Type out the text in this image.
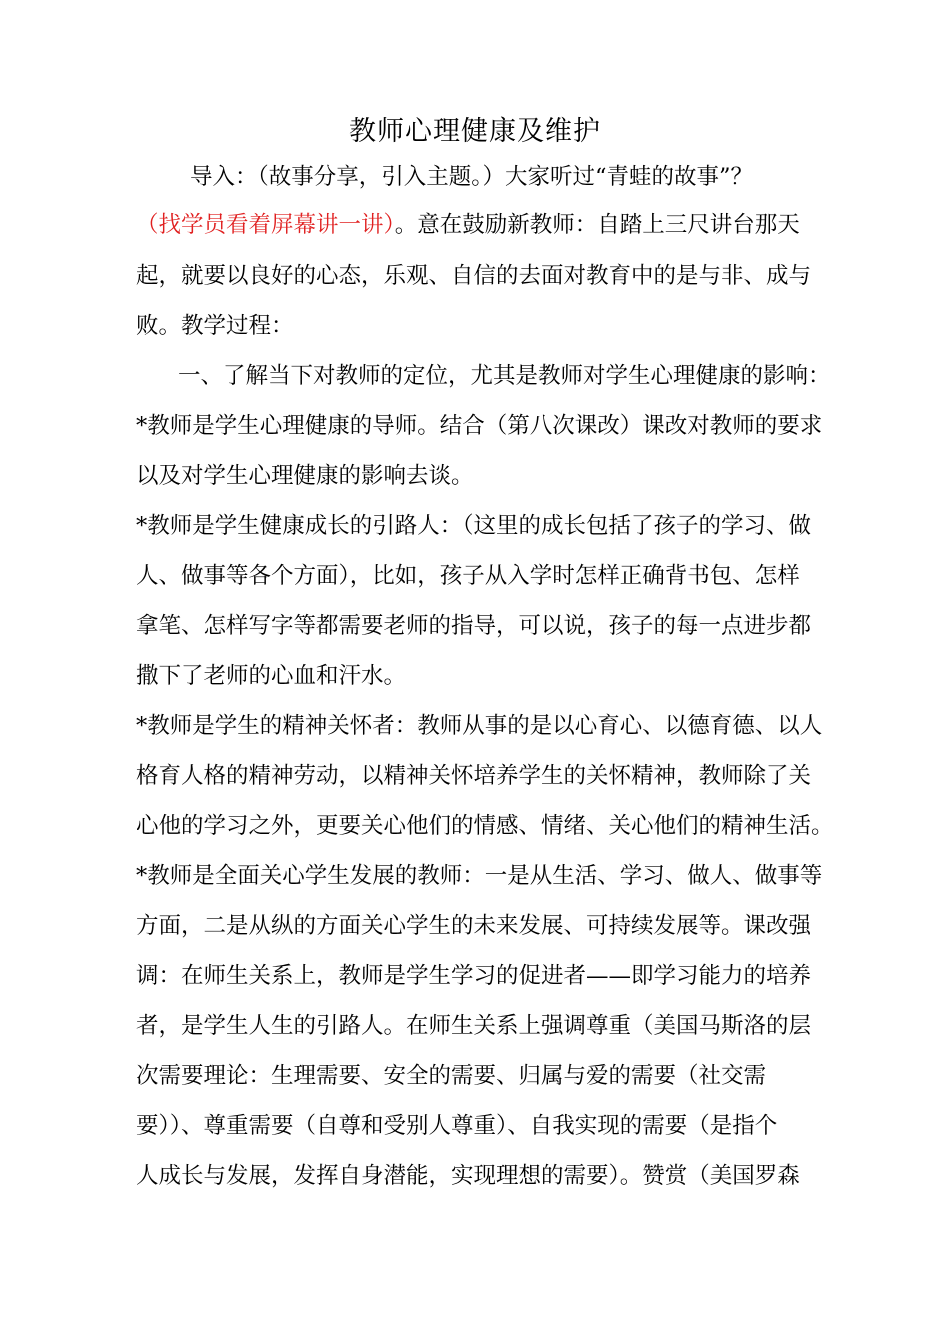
教师心理健康及维护
导入：（故事分享，引入主题。）大家听过“青蛙的故事”？
（找学员看着屏幕讲一讲）。意在鼓励新教师：自踏上三尺讲台那天
起，就要以良好的心态，乐观、自信的去面对教育中的是与非、成与
败。教学过程：
一、了解当下对教师的定位，尤其是教师对学生心理健康的影响：
*教师是学生心理健康的导师。结合（第八次课改）课改对教师的要求
以及对学生心理健康的影响去谈。
*教师是学生健康成长的引路人：（这里的成长包括了孩子的学习、做
人、做事等各个方面），比如，孩子从入学时怎样正确背书包、怎样
拿笔、怎样写字等都需要老师的指导，可以说，孩子的每一点进步都
撒下了老师的心血和汗水。
*教师是学生的精神关怀者：教师从事的是以心育心、以德育德、以人
格育人格的精神劳动，以精神关怀培养学生的关怀精神，教师除了关
心他的学习之外，更要关心他们的情感、情绪、关心他们的精神生活。
*教师是全面关心学生发展的教师：一是从生活、学习、做人、做事等
方面，二是从纵的方面关心学生的未来发展、可持续发展等。课改强
调：在师生关系上，教师是学生学习的促进者——即学习能力的培养
者，是学生人生的引路人。在师生关系上强调尊重（美国马斯洛的层
次需要理论：生理需要、安全的需要、归属与爱的需要（社交需
要））、尊重需要（自尊和受别人尊重）、自我实现的需要（是指个
人成长与发展，发挥自身潜能，实现理想的需要）。赞赏（美国罗森
